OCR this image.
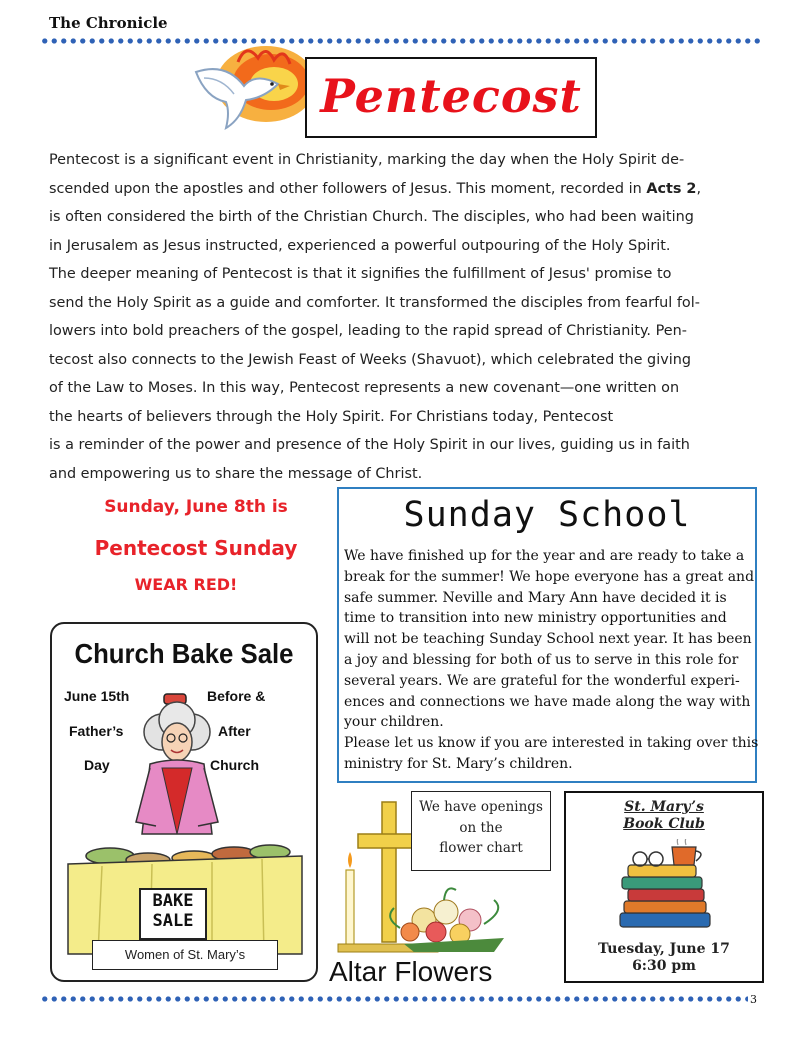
The Chronicle
Pentecost
Pentecost is a significant event in Christianity, marking the day when the Holy Spirit de-
scended upon the apostles and other followers of Jesus. This moment, recorded in Acts 2,
is often considered the birth of the Christian Church. The disciples, who had been waiting
in Jerusalem as Jesus instructed, experienced a powerful outpouring of the Holy Spirit.
The deeper meaning of Pentecost is that it signifies the fulfillment of Jesus' promise to
send the Holy Spirit as a guide and comforter. It transformed the disciples from fearful fol-
lowers into bold preachers of the gospel, leading to the rapid spread of Christianity. Pen-
tecost also connects to the Jewish Feast of Weeks (Shavuot), which celebrated the giving
of the Law to Moses. In this way, Pentecost represents a new covenant—one written on
the hearts of believers through the Holy Spirit. For Christians today, Pentecost
is a reminder of the power and presence of the Holy Spirit in our lives, guiding us in faith
and empowering us to share the message of Christ.
Sunday, June 8th is
Pentecost Sunday
WEAR RED!
Sunday School
We have finished up for the year and are ready to take a
break for the summer! We hope everyone has a great and
safe summer. Neville and Mary Ann have decided it is
time to transition into new ministry opportunities and
will not be teaching Sunday School next year. It has been
a joy and blessing for both of us to serve in this role for
several years. We are grateful for the wonderful experi-
ences and connections we have made along the way with
your children.
Please let us know if you are interested in taking over this
ministry for St. Mary’s children.
Church Bake Sale
June 15th
Father’s
Day
Before &
After
Church
BAKE
SALE
Women of St. Mary’s
We have openings
on the
flower chart
Altar Flowers
St. Mary’s
Book Club
Tuesday, June 17
6:30 pm
3
